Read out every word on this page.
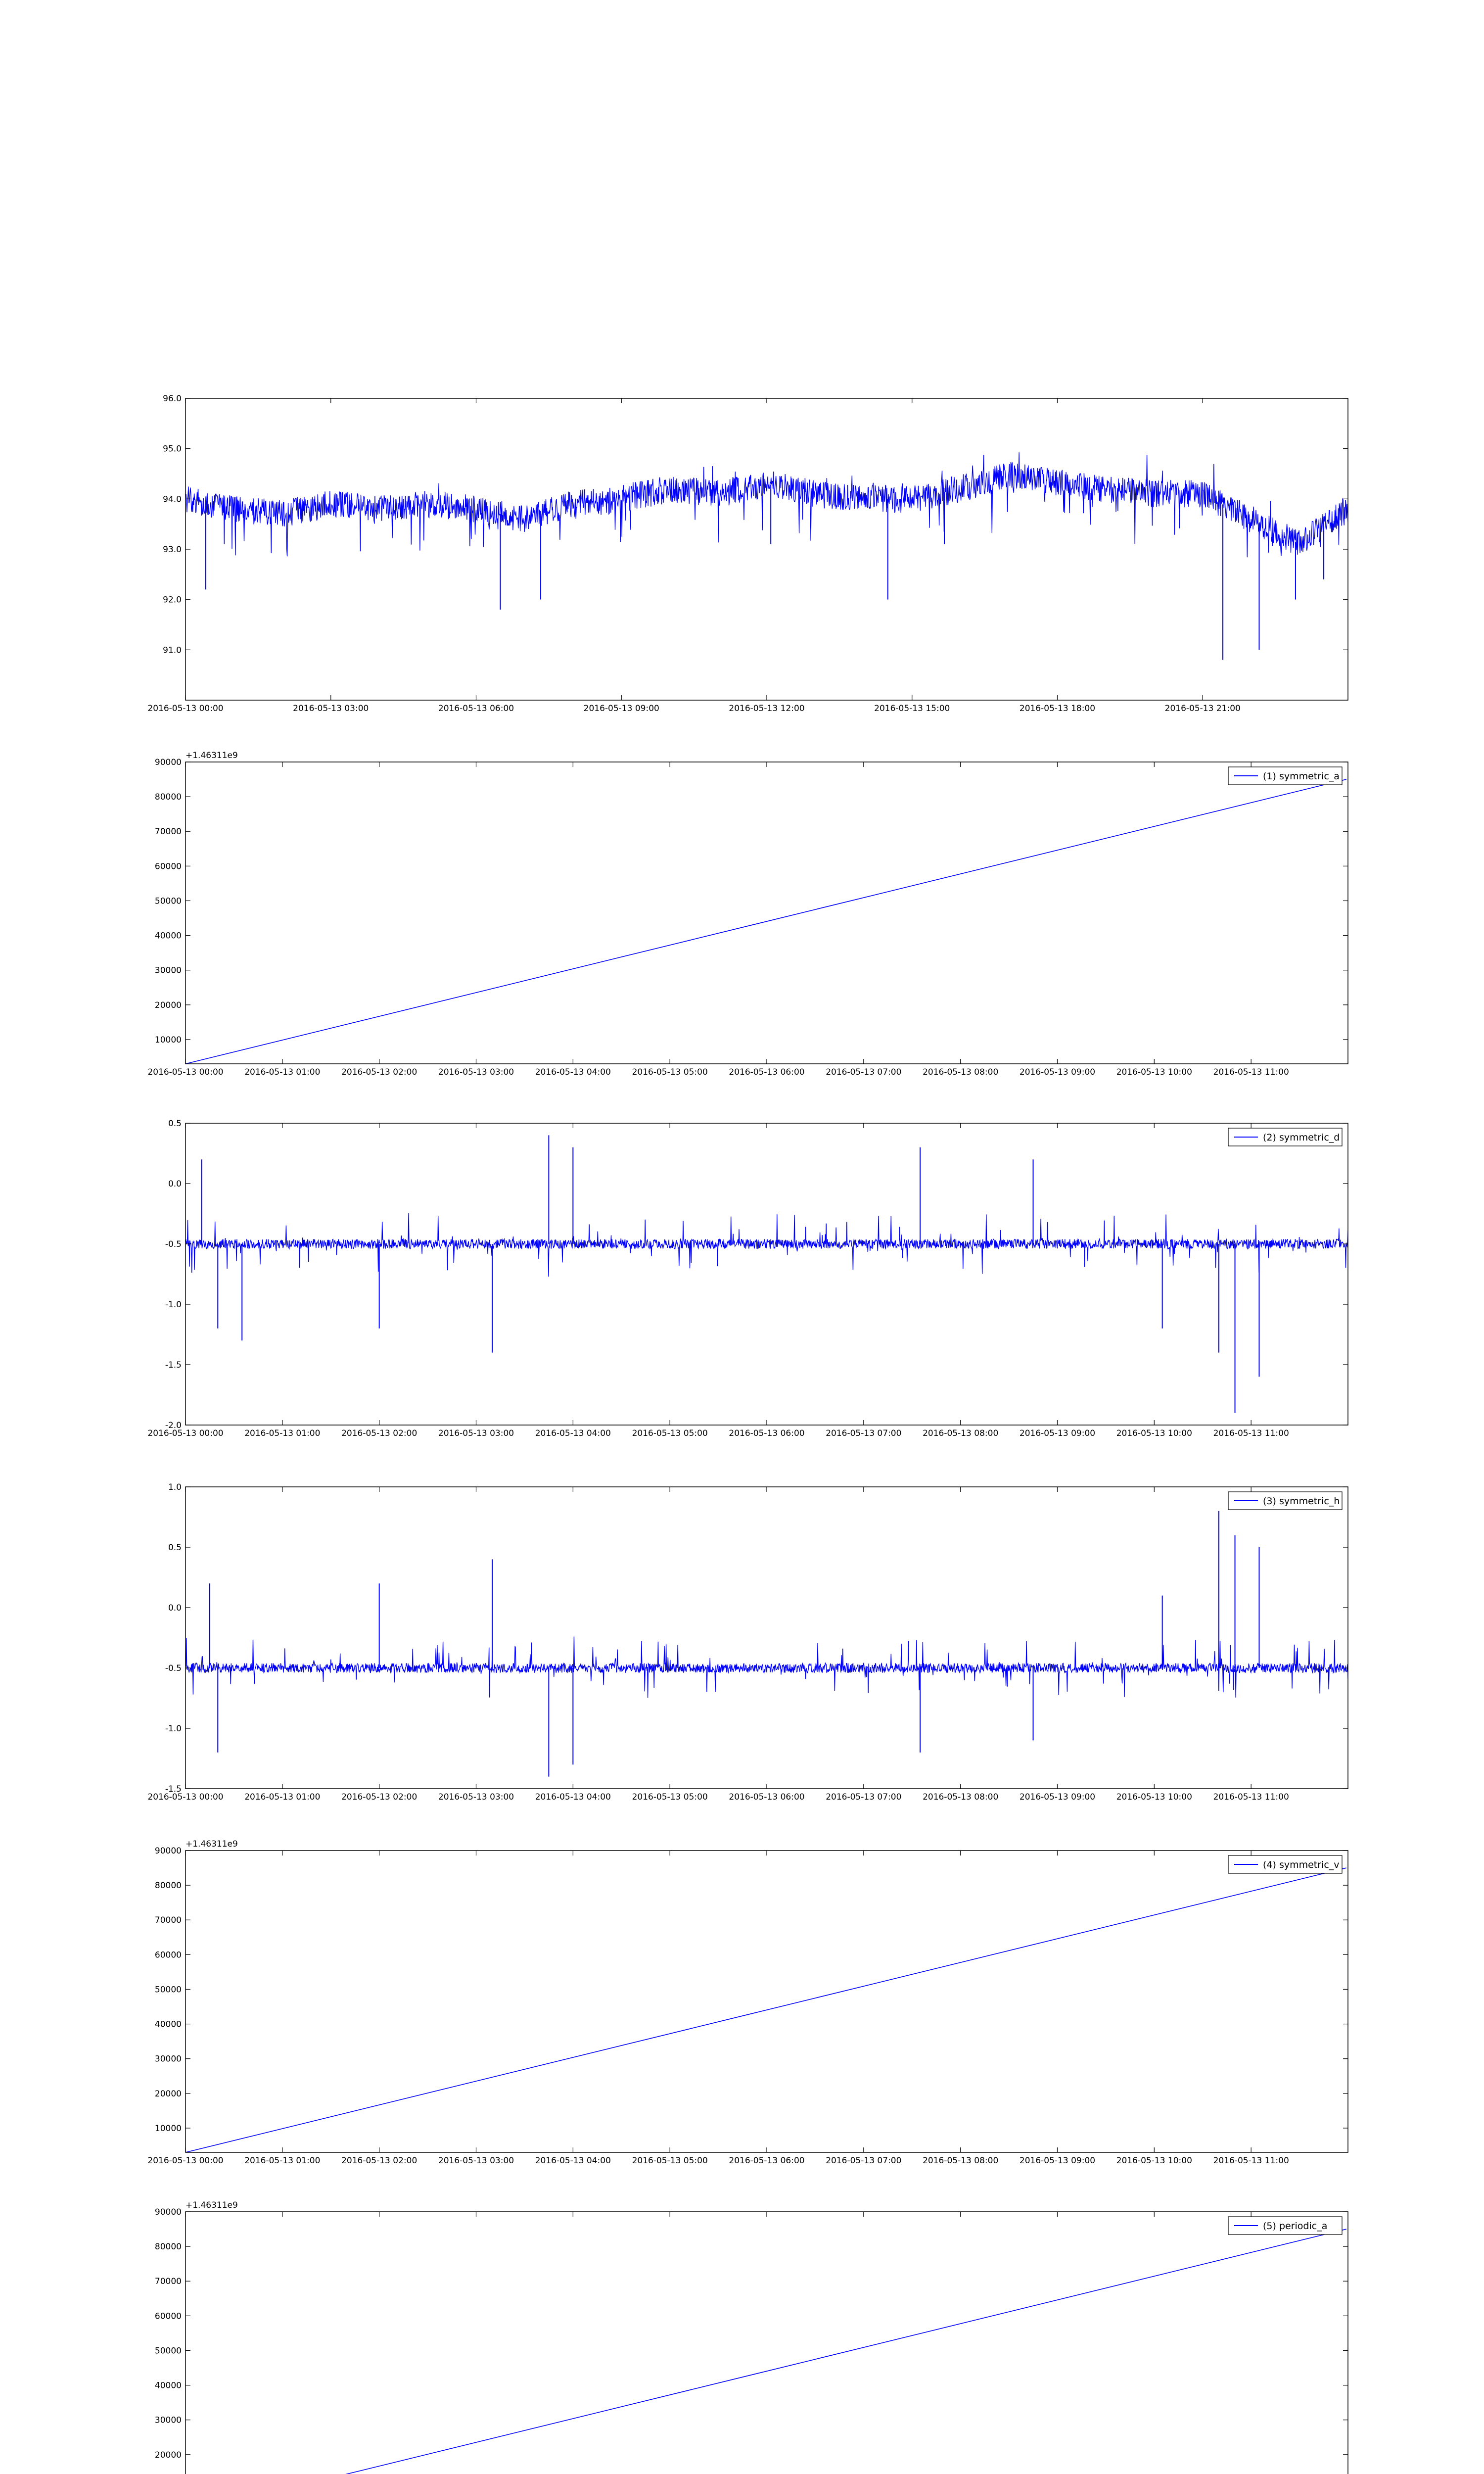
91.0
92.0
93.0
94.0
95.0
96.0
2016-05-13 00:00	2016-05-13 03:00	2016-05-13 06:00	2016-05-13 09:00	2016-05-13 12:00	2016-05-13 15:00	2016-05-13 18:00	2016-05-13 21:00
10000
20000
30000
40000
50000
60000
70000
80000
90000
2016-05-13 00:00	2016-05-13 01:00	2016-05-13 02:00	2016-05-13 03:00	2016-05-13 04:00	2016-05-13 05:00	2016-05-13 06:00	2016-05-13 07:00	2016-05-13 08:00	2016-05-13 09:00	2016-05-13 10:00	2016-05-13 11:00
+1.46311e9
(1) symmetric_a
-2.0
-1.5
-1.0
-0.5
0.0
0.5
2016-05-13 00:00	2016-05-13 01:00	2016-05-13 02:00	2016-05-13 03:00	2016-05-13 04:00	2016-05-13 05:00	2016-05-13 06:00	2016-05-13 07:00	2016-05-13 08:00	2016-05-13 09:00	2016-05-13 10:00	2016-05-13 11:00
(2) symmetric_d
-1.5
-1.0
-0.5
0.0
0.5
1.0
2016-05-13 00:00	2016-05-13 01:00	2016-05-13 02:00	2016-05-13 03:00	2016-05-13 04:00	2016-05-13 05:00	2016-05-13 06:00	2016-05-13 07:00	2016-05-13 08:00	2016-05-13 09:00	2016-05-13 10:00	2016-05-13 11:00
(3) symmetric_h
10000
20000
30000
40000
50000
60000
70000
80000
90000
2016-05-13 00:00	2016-05-13 01:00	2016-05-13 02:00	2016-05-13 03:00	2016-05-13 04:00	2016-05-13 05:00	2016-05-13 06:00	2016-05-13 07:00	2016-05-13 08:00	2016-05-13 09:00	2016-05-13 10:00	2016-05-13 11:00
+1.46311e9
(4) symmetric_v
20000
30000
40000
50000
60000
70000
80000
90000
+1.46311e9
(5) periodic_a
